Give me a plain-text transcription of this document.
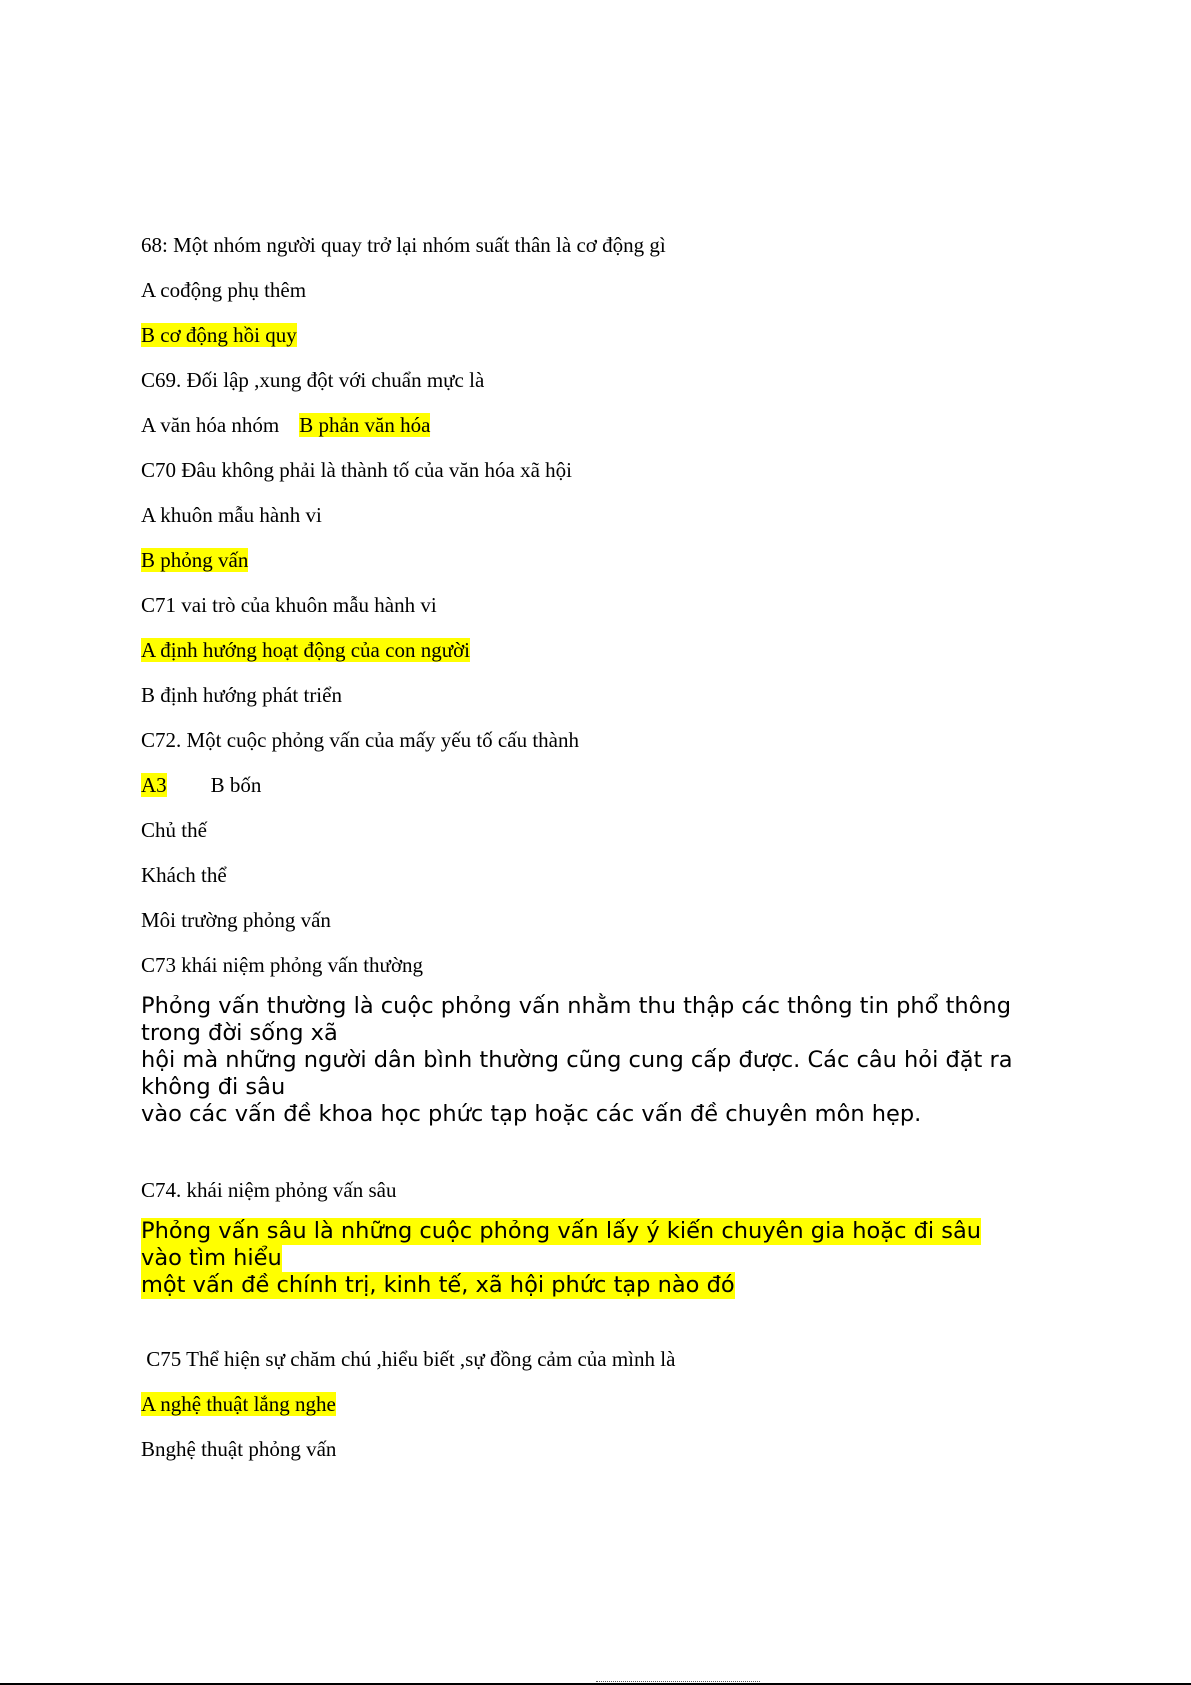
68: Một nhóm người quay trở lại nhóm suất thân là cơ động gì
A cođộng phụ thêm
B cơ động hồi quy
C69. Đối lập ,xung đột với chuẩn mực là
A văn hóa nhóm B phản văn hóa
C70 Đâu không phải là thành tố của văn hóa xã hội
A khuôn mẫu hành vi
B phỏng vấn
C71 vai trò của khuôn mẫu hành vi
A định hướng hoạt động của con người
B định hướng phát triển
C72. Một cuộc phỏng vấn của mấy yếu tố cấu thành
A3 B bốn
Chủ thế
Khách thể
Môi trường phỏng vấn
C73 khái niệm phỏng vấn thường
Phỏng vấn thường là cuộc phỏng vấn nhằm thu thập các thông tin phổ thông
trong đời sống xã
hội mà những người dân bình thường cũng cung cấp được. Các câu hỏi đặt ra
không đi sâu
vào các vấn đề khoa học phức tạp hoặc các vấn đề chuyên môn hẹp.
C74. khái niệm phỏng vấn sâu
Phỏng vấn sâu là những cuộc phỏng vấn lấy ý kiến chuyên gia hoặc đi sâu
vào tìm hiểu
một vấn đề chính trị, kinh tế, xã hội phức tạp nào đó
C75 Thể hiện sự chăm chú ,hiểu biết ,sự đồng cảm của mình là
A nghệ thuật lắng nghe
Bnghệ thuật phỏng vấn
